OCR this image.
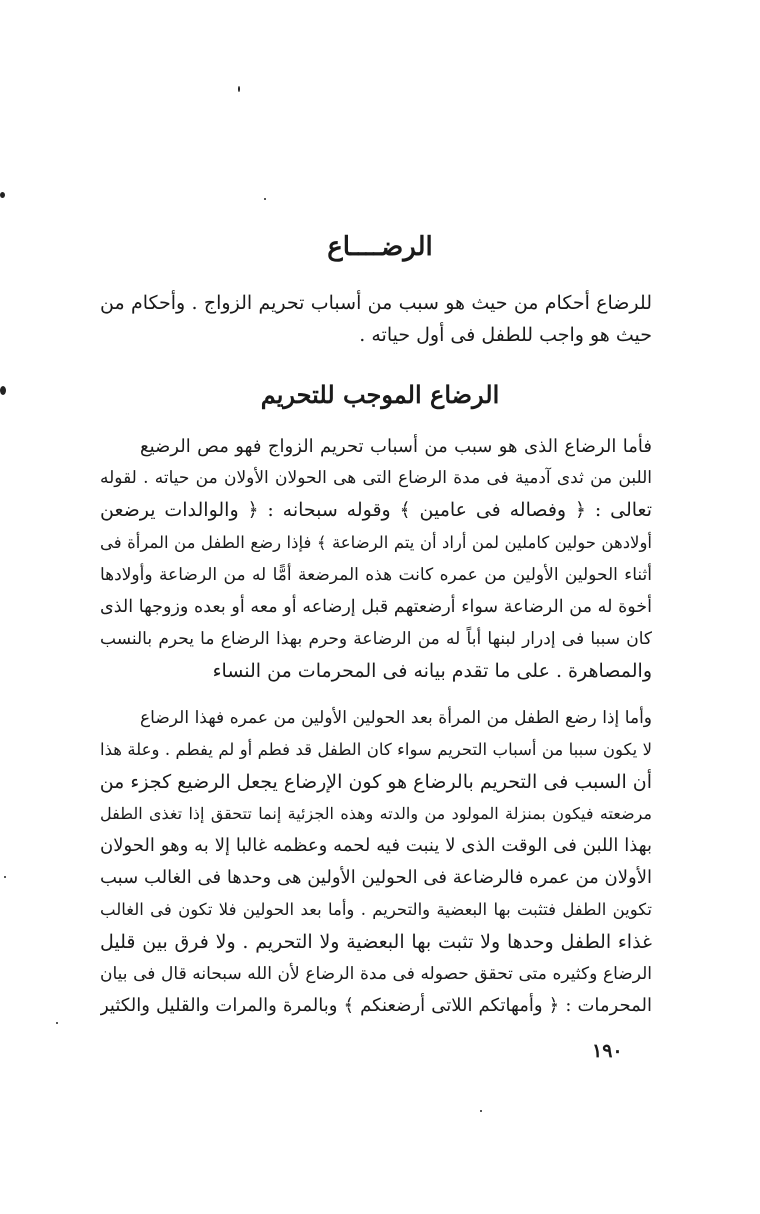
الرضــــاع
للرضاع أحكام من حيث هو سبب من أسباب تحريم الزواج . وأحكام من
حيث هو واجب للطفل فى أول حياته .
الرضاع الموجب للتحريم
فأما الرضاع الذى هو سبب من أسباب تحريم الزواج فهو مص الرضيع
اللبن من ثدى آدمية فى مدة الرضاع التى هى الحولان الأولان من حياته . لقوله
تعالى : ﴿ وفصاله فى عامين ﴾ وقوله سبحانه : ﴿ والوالدات يرضعن
أولادهن حولين كاملين لمن أراد أن يتم الرضاعة ﴾ فإذا رضع الطفل من المرأة فى
أثناء الحولين الأولين من عمره كانت هذه المرضعة أمًّا له من الرضاعة وأولادها
أخوة له من الرضاعة سواء أرضعتهم قبل إرضاعه أو معه أو بعده وزوجها الذى
كان سببا فى إدرار لبنها أباً له من الرضاعة وحرم بهذا الرضاع ما يحرم بالنسب
والمصاهرة . على ما تقدم بيانه فى المحرمات من النساء
وأما إذا رضع الطفل من المرأة بعد الحولين الأولين من عمره فهذا الرضاع
لا يكون سببا من أسباب التحريم سواء كان الطفل قد فطم أو لم يفطم . وعلة هذا
أن السبب فى التحريم بالرضاع هو كون الإرضاع يجعل الرضيع كجزء من
مرضعته فيكون بمنزلة المولود من والدته وهذه الجزئية إنما تتحقق إذا تغذى الطفل
بهذا اللبن فى الوقت الذى لا ينبت فيه لحمه وعظمه غالبا إلا به وهو الحولان
الأولان من عمره فالرضاعة فى الحولين الأولين هى وحدها فى الغالب سبب
تكوين الطفل فتثبت بها البعضية والتحريم . وأما بعد الحولين فلا تكون فى الغالب
غذاء الطفل وحدها ولا تثبت بها البعضية ولا التحريم . ولا فرق بين قليل
الرضاع وكثيره متى تحقق حصوله فى مدة الرضاع لأن الله سبحانه قال فى بيان
المحرمات : ﴿ وأمهاتكم اللاتى أرضعنكم ﴾ وبالمرة والمرات والقليل والكثير
١٩٠
